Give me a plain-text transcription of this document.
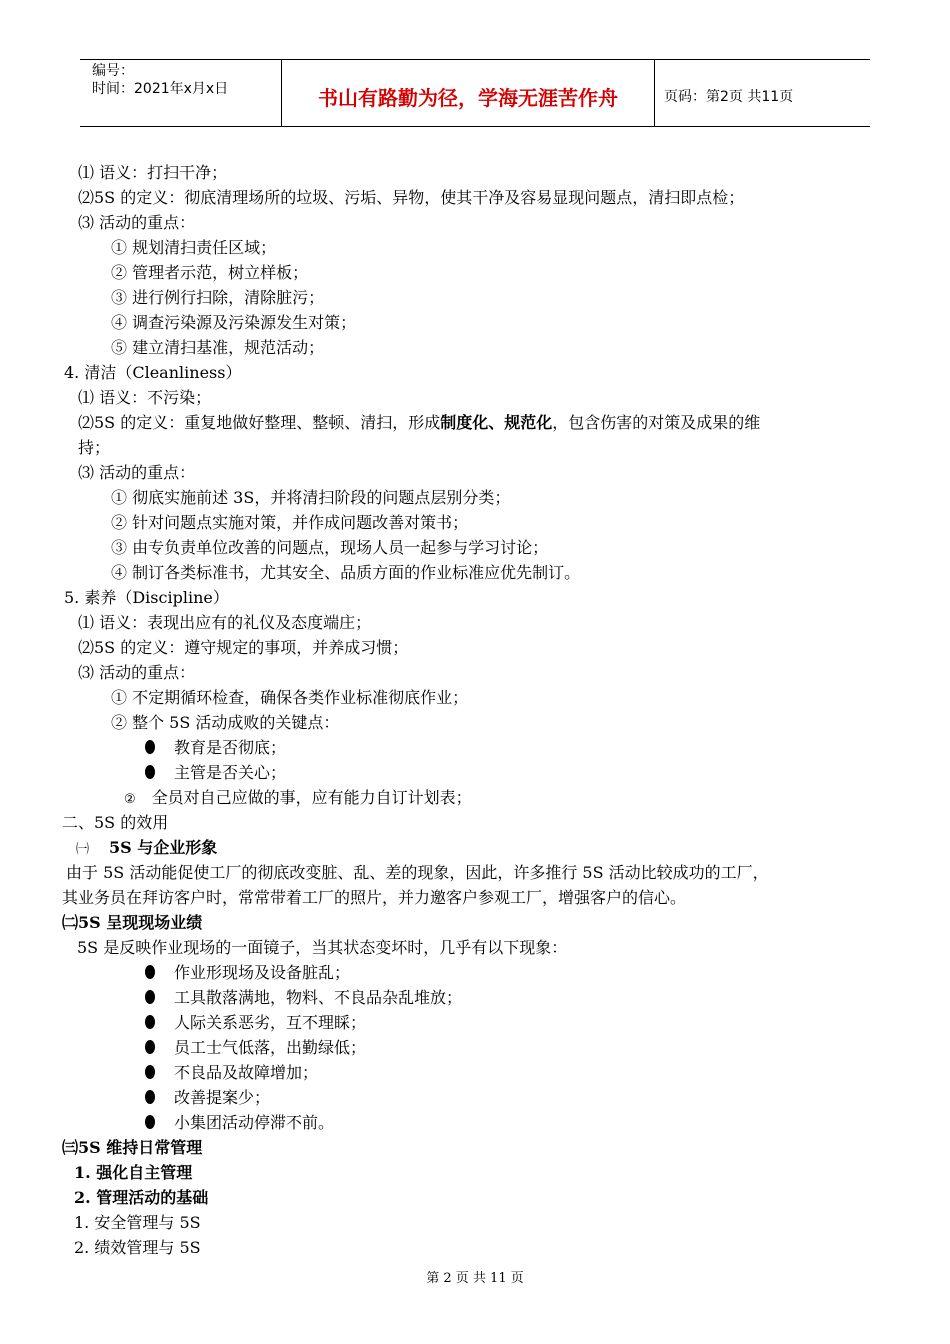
编号：
时间：2021年x月x日	书山有路勤为径，学海无涯苦作舟	页码：第2页 共11页
⑴ 语义：打扫干净；
⑵5S 的定义：彻底清理场所的垃圾、污垢、异物，使其干净及容易显现问题点，清扫即点检；
⑶ 活动的重点：
① 规划清扫责任区域；
② 管理者示范，树立样板；
③ 进行例行扫除，清除脏污；
④ 调查污染源及污染源发生对策；
⑤ 建立清扫基准，规范活动；
4. 清洁（Cleanliness）
⑴ 语义：不污染；
⑵5S 的定义：重复地做好整理、整顿、清扫，形成制度化、规范化，包含伤害的对策及成果的维
持；
⑶ 活动的重点：
① 彻底实施前述 3S，并将清扫阶段的问题点层别分类；
② 针对问题点实施对策，并作成问题改善对策书；
③ 由专负责单位改善的问题点，现场人员一起参与学习讨论；
④ 制订各类标准书，尤其安全、品质方面的作业标准应优先制订。
5. 素养（Discipline）
⑴ 语义：表现出应有的礼仪及态度端庄；
⑵5S 的定义：遵守规定的事项，并养成习惯；
⑶ 活动的重点：
① 不定期循环检查，确保各类作业标准彻底作业；
② 整个 5S 活动成败的关键点：
教育是否彻底；
主管是否关心；
② 全员对自己应做的事，应有能力自订计划表；
二、5S 的效用
㈠ 5S 与企业形象
由于 5S 活动能促使工厂的彻底改变脏、乱、差的现象，因此，许多推行 5S 活动比较成功的工厂，
其业务员在拜访客户时，常常带着工厂的照片，并力邀客户参观工厂，增强客户的信心。
㈡5S 呈现现场业绩
5S 是反映作业现场的一面镜子，当其状态变坏时，几乎有以下现象：
作业形现场及设备脏乱；
工具散落满地，物料、不良品杂乱堆放；
人际关系恶劣，互不理睬；
员工士气低落，出勤绿低；
不良品及故障增加；
改善提案少；
小集团活动停滞不前。
㈢5S 维持日常管理
1. 强化自主管理
2. 管理活动的基础
1. 安全管理与 5S
2. 绩效管理与 5S
第 2 页 共 11 页
